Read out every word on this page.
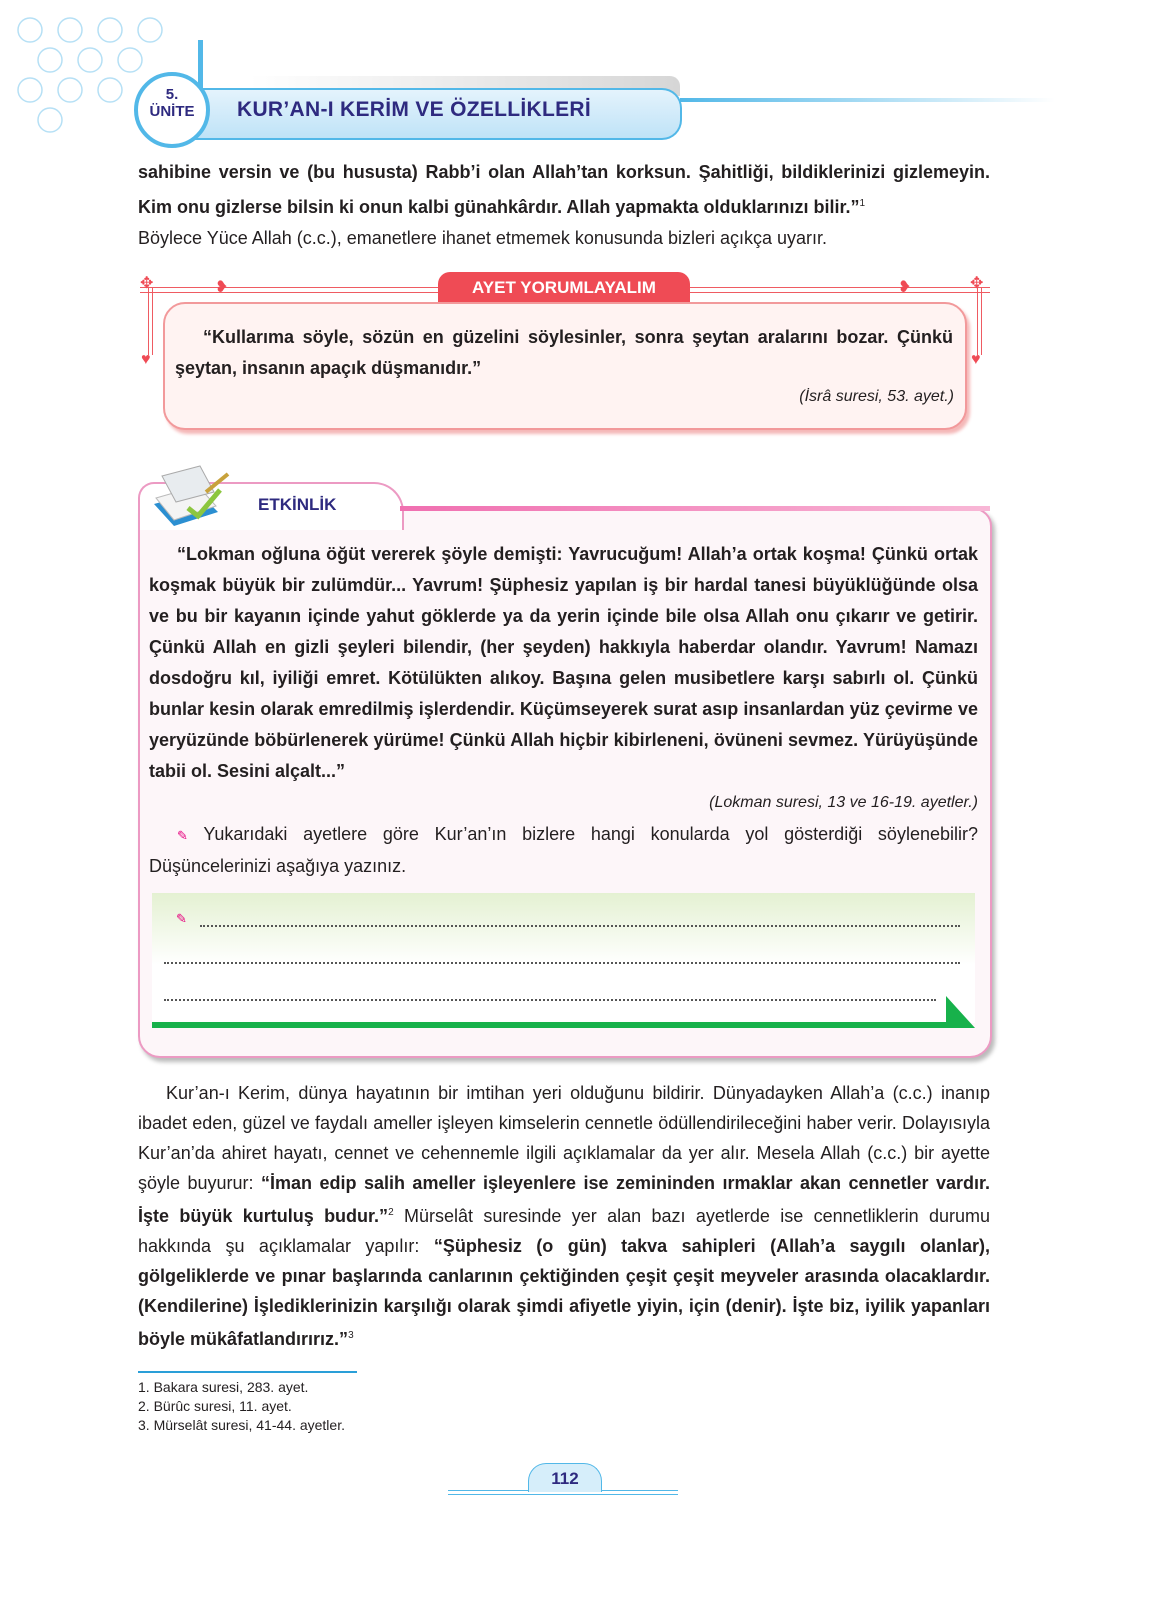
5.
ÜNİTE	KUR’AN-I KERİM VE ÖZELLİKLERİ

sahibine versin ve (bu hususta) Rabb’i olan Allah’tan korksun. Şahitliği, bildiklerinizi gizlemeyin. Kim onu gizlerse bilsin ki onun kalbi günahkârdır. Allah yapmakta olduklarınızı bilir.”$^1$

Böylece Yüce Allah (c.c.), emanetlere ihanet etmemek konusunda bizleri açıkça uyarır.

✥	✥
♥	♥
❥	❥
AYET YORUMLAYALIM

“Kullarıma söyle, sözün en güzelini söylesinler, sonra şeytan aralarını bozar. Çünkü şeytan, insanın apaçık düşmanıdır.”

(İsrâ suresi, 53. ayet.)
ETKİNLİK

“Lokman oğluna öğüt vererek şöyle demişti: Yavrucuğum! Allah’a ortak koşma! Çünkü ortak koşmak büyük bir zulümdür... Yavrum! Şüphesiz yapılan iş bir hardal tanesi büyüklüğünde olsa ve bu bir kayanın içinde yahut göklerde ya da yerin içinde bile olsa Allah onu çıkarır ve getirir. Çünkü Allah en gizli şeyleri bilendir, (her şeyden) hakkıyla haberdar olandır. Yavrum! Namazı dosdoğru kıl, iyiliği emret. Kötülükten alıkoy. Başına gelen musibetlere karşı sabırlı ol. Çünkü bunlar kesin olarak emredilmiş işlerdendir. Küçümseyerek surat asıp insanlardan yüz çevirme ve yeryüzünde böbürlenerek yürüme! Çünkü Allah hiçbir kibirleneni, övüneni sevmez. Yürüyüşünde tabii ol. Sesini alçalt...”

(Lokman suresi, 13 ve 16-19. ayetler.)

✎ Yukarıdaki ayetlere göre Kur’an’ın bizlere hangi konularda yol gösterdiği söylenebilir? Düşüncelerinizi aşağıya yazınız.

✎

Kur’an-ı Kerim, dünya hayatının bir imtihan yeri olduğunu bildirir. Dünyadayken Allah’a (c.c.) inanıp ibadet eden, güzel ve faydalı ameller işleyen kimselerin cennetle ödüllendirileceğini haber verir. Dolayısıyla Kur’an’da ahiret hayatı, cennet ve cehennemle ilgili açıklamalar da yer alır. Mesela Allah (c.c.) bir ayette şöyle buyurur: “İman edip salih ameller işleyenlere ise zemininden ırmaklar akan cennetler vardır. İşte büyük kurtuluş budur.”$^2$ Mürselât suresinde yer alan bazı ayetlerde ise cennetliklerin durumu hakkında şu açıklamalar yapılır: “Şüphesiz (o gün) takva sahipleri (Allah’a saygılı olanlar), gölgeliklerde ve pınar başlarında canlarının çektiğinden çeşit çeşit meyveler arasında olacaklardır. (Kendilerine) İşlediklerinizin karşılığı olarak şimdi afiyetle yiyin, için (denir). İşte biz, iyilik yapanları böyle mükâfatlandırırız.”$^3$

1. Bakara suresi, 283. ayet.
2. Bürûc suresi, 11. ayet.
3. Mürselât suresi, 41-44. ayetler.
112
